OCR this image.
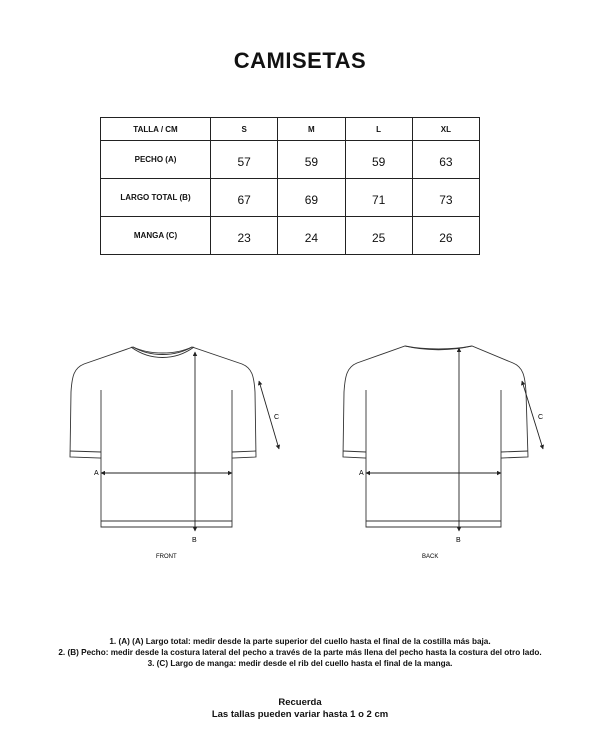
CAMISETAS
TALLA / CM	S	M	L	XL
PECHO (A)	57	59	59	63
LARGO TOTAL (B)	67	69	71	73
MANGA (C)	23	24	25	26
A
B
C
FRONT
A
B
C
BACK
1. (A) (A) Largo total: medir desde la parte superior del cuello hasta el final de la costilla más baja.
2. (B) Pecho: medir desde la costura lateral del pecho a través de la parte más llena del pecho hasta la costura del otro lado.
3. (C) Largo de manga: medir desde el rib del cuello hasta el final de la manga.
Recuerda
Las tallas pueden variar hasta 1 o 2 cm
